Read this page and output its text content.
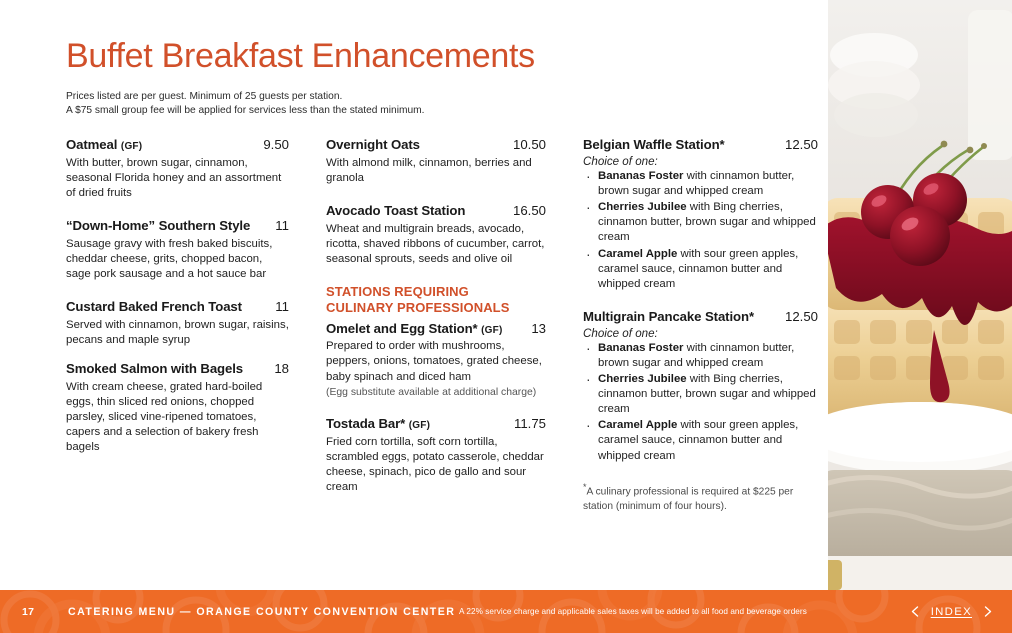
Buffet Breakfast Enhancements
Prices listed are per guest. Minimum of 25 guests per station.
A $75 small group fee will be applied for services less than the stated minimum.
Oatmeal (GF)	9.50
With butter, brown sugar, cinnamon, seasonal Florida honey and an assortment of dried fruits
“Down-Home” Southern Style 11
Sausage gravy with fresh baked biscuits, cheddar cheese, grits, chopped bacon, sage pork sausage and a hot sauce bar
Custard Baked French Toast	11
Served with cinnamon, brown sugar, raisins, pecans and maple syrup
Smoked Salmon with Bagels 18
With cream cheese, grated hard-boiled eggs, thin sliced red onions, chopped parsley, sliced vine-ripened tomatoes, capers and a selection of bakery fresh bagels
Overnight Oats	10.50
With almond milk, cinnamon, berries and granola
Avocado Toast Station	16.50
Wheat and multigrain breads, avocado, ricotta, shaved ribbons of cucumber, carrot, seasonal sprouts, seeds and olive oil
STATIONS REQUIRING
CULINARY PROFESSIONALS
Omelet and Egg Station* (GF) 13
Prepared to order with mushrooms, peppers, onions, tomatoes, grated cheese, baby spinach and diced ham
(Egg substitute available at additional charge)
Tostada Bar* (GF)	11.75
Fried corn tortilla, soft corn tortilla, scrambled eggs, potato casserole, cheddar cheese, spinach, pico de gallo and sour cream
Belgian Waffle Station*	12.50
Choice of one:
· Bananas Foster with cinnamon butter, brown sugar and whipped cream
· Cherries Jubilee with Bing cherries, cinnamon butter, brown sugar and whipped cream
· Caramel Apple with sour green apples, caramel sauce, cinnamon butter and whipped cream
Multigrain Pancake Station* 12.50
Choice of one:
· Bananas Foster with cinnamon butter, brown sugar and whipped cream
· Cherries Jubilee with Bing cherries, cinnamon butter, brown sugar and whipped cream
· Caramel Apple with sour green apples, caramel sauce, cinnamon butter and whipped cream
*A culinary professional is required at $225 per station (minimum of four hours).
17	CATERING MENU — ORANGE COUNTY CONVENTION CENTER A 22% service charge and applicable sales taxes will be added to all food and beverage orders	INDEX
